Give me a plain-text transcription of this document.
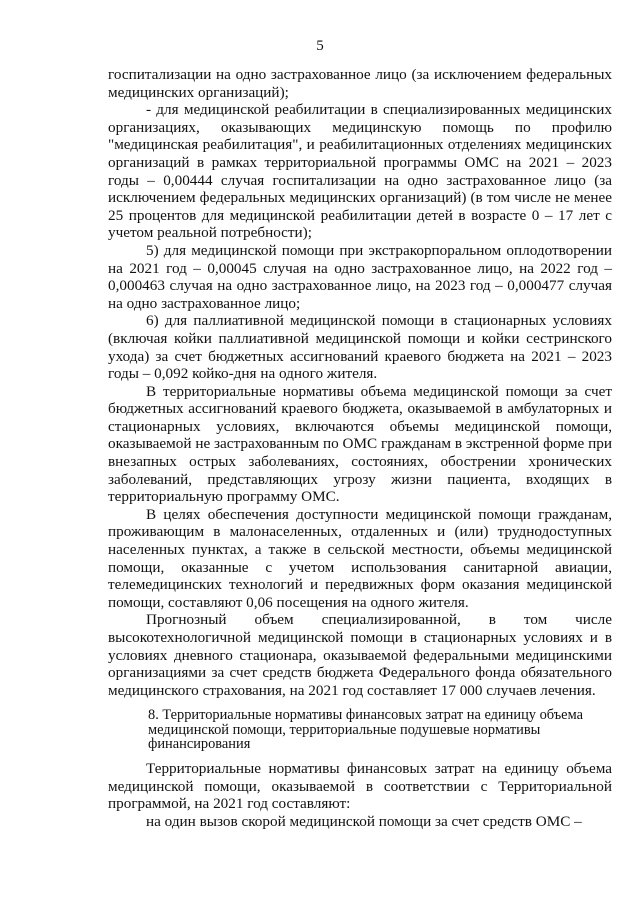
5

госпитализации на одно застрахованное лицо (за исключением федеральных медицинских организаций);

- для медицинской реабилитации в специализированных медицинских организациях, оказывающих медицинскую помощь по профилю "медицинская реабилитация", и реабилитационных отделениях медицинских организаций в рамках территориальной программы ОМС на 2021 – 2023 годы – 0,00444 случая госпитализации на одно застрахованное лицо (за исключением федеральных медицинских организаций) (в том числе не менее 25 процентов для медицинской реабилитации детей в возрасте 0 – 17 лет с учетом реальной потребности);

5) для медицинской помощи при экстракорпоральном оплодотворении на 2021 год – 0,00045 случая на одно застрахованное лицо, на 2022 год – 0,000463 случая на одно застрахованное лицо, на 2023 год – 0,000477 случая на одно застрахованное лицо;

6) для паллиативной медицинской помощи в стационарных условиях (включая койки паллиативной медицинской помощи и койки сестринского ухода) за счет бюджетных ассигнований краевого бюджета на 2021 – 2023 годы – 0,092 койко-дня на одного жителя.

В территориальные нормативы объема медицинской помощи за счет бюджетных ассигнований краевого бюджета, оказываемой в амбулаторных и стационарных условиях, включаются объемы медицинской помощи, оказываемой не застрахованным по ОМС гражданам в экстренной форме при внезапных острых заболеваниях, состояниях, обострении хронических заболеваний, представляющих угрозу жизни пациента, входящих в территориальную программу ОМС.

В целях обеспечения доступности медицинской помощи гражданам, проживающим в малонаселенных, отдаленных и (или) труднодоступных населенных пунктах, а также в сельской местности, объемы медицинской помощи, оказанные с учетом использования санитарной авиации, телемедицинских технологий и передвижных форм оказания медицинской помощи, составляют 0,06 посещения на одного жителя.

Прогнозный объем специализированной, в том числе высокотехнологичной медицинской помощи в стационарных условиях и в условиях дневного стационара, оказываемой федеральными медицинскими организациями за счет средств бюджета Федерального фонда обязательного медицинского страхования, на 2021 год составляет 17 000 случаев лечения.

8. Территориальные нормативы финансовых затрат на единицу объема медицинской помощи, территориальные подушевые нормативы финансирования

Территориальные нормативы финансовых затрат на единицу объема медицинской помощи, оказываемой в соответствии с Территориальной программой, на 2021 год составляют:

на один вызов скорой медицинской помощи за счет средств ОМС –
